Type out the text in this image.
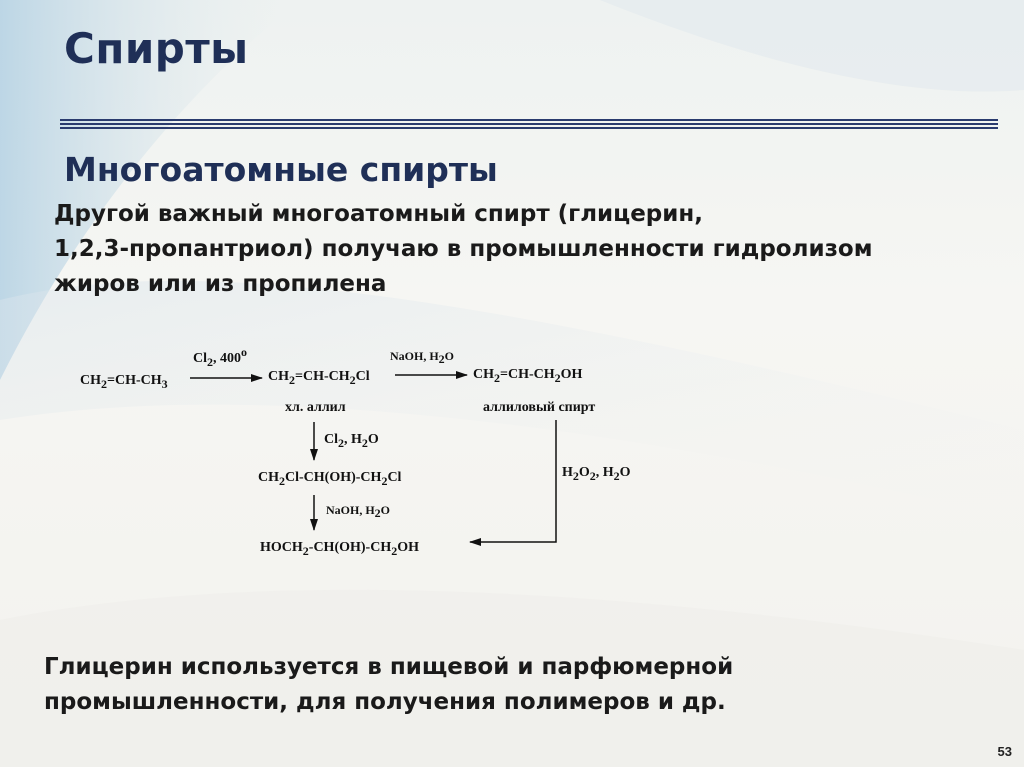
Спирты
Многоатомные спирты
Другой важный многоатомный спирт (глицерин,
1,2,3-пропантриол) получаю в промышленности гидролизом
жиров или из пропилена
CH2=CH-CH3
Cl2, 400o
CH2=CH-CH2Cl
хл. аллил
NaOH, H2O
CH2=CH-CH2OH
аллиловый спирт
Cl2, H2O
CH2Cl-CH(OH)-CH2Cl
NaOH, H2O
HOCH2-CH(OH)-CH2OH
H2O2, H2O
Глицерин используется в пищевой и парфюмерной
промышленности, для получения полимеров и др.
53
